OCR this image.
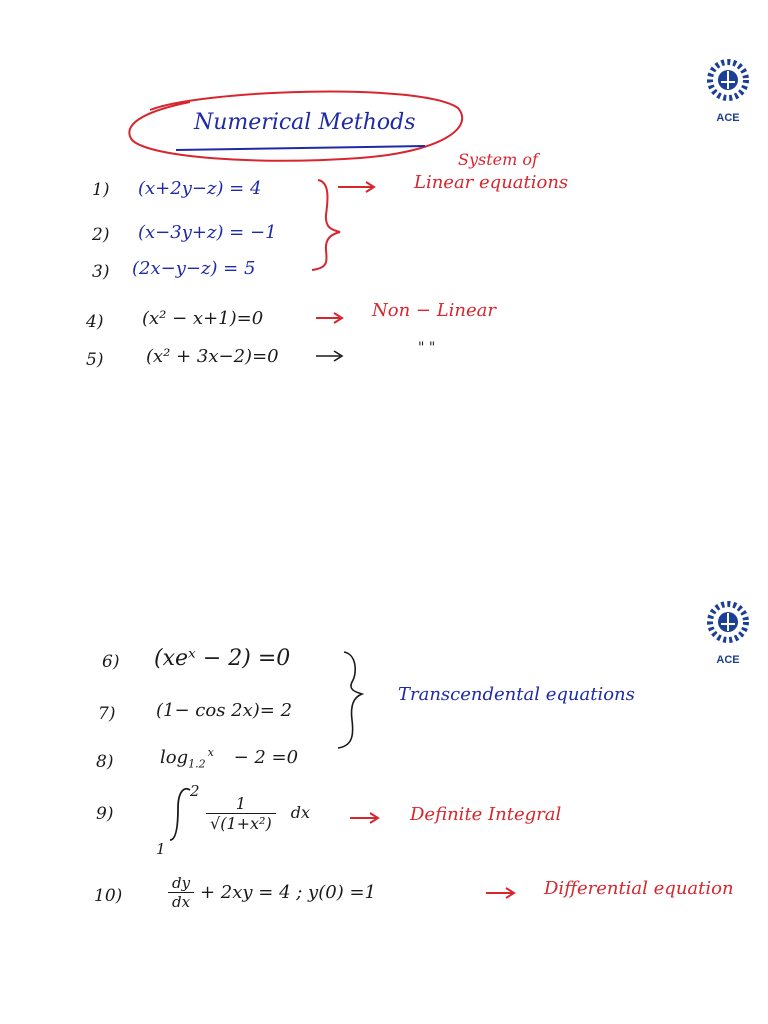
ACE
ACE
Numerical Methods
1) (x+2y−z) = 4
2) (x−3y+z) = −1
3) (2x−y−z) = 5
System of
Linear equations
4) (x² − x+1)=0	Non − Linear
5) (x² + 3x−2)=0	" "
6) (xeˣ − 2) =0
7) (1− cos 2x)= 2
8)	$\log_{1.2}^x - 2 =0$
Transcendental equations
9)
2
1
$\frac{1}{\text{√(1+x²)}}$ dx	Definite Integral
10)	$\frac{dy}{dx} + 2xy = 4$ ; y(0) =1	Differential equation
